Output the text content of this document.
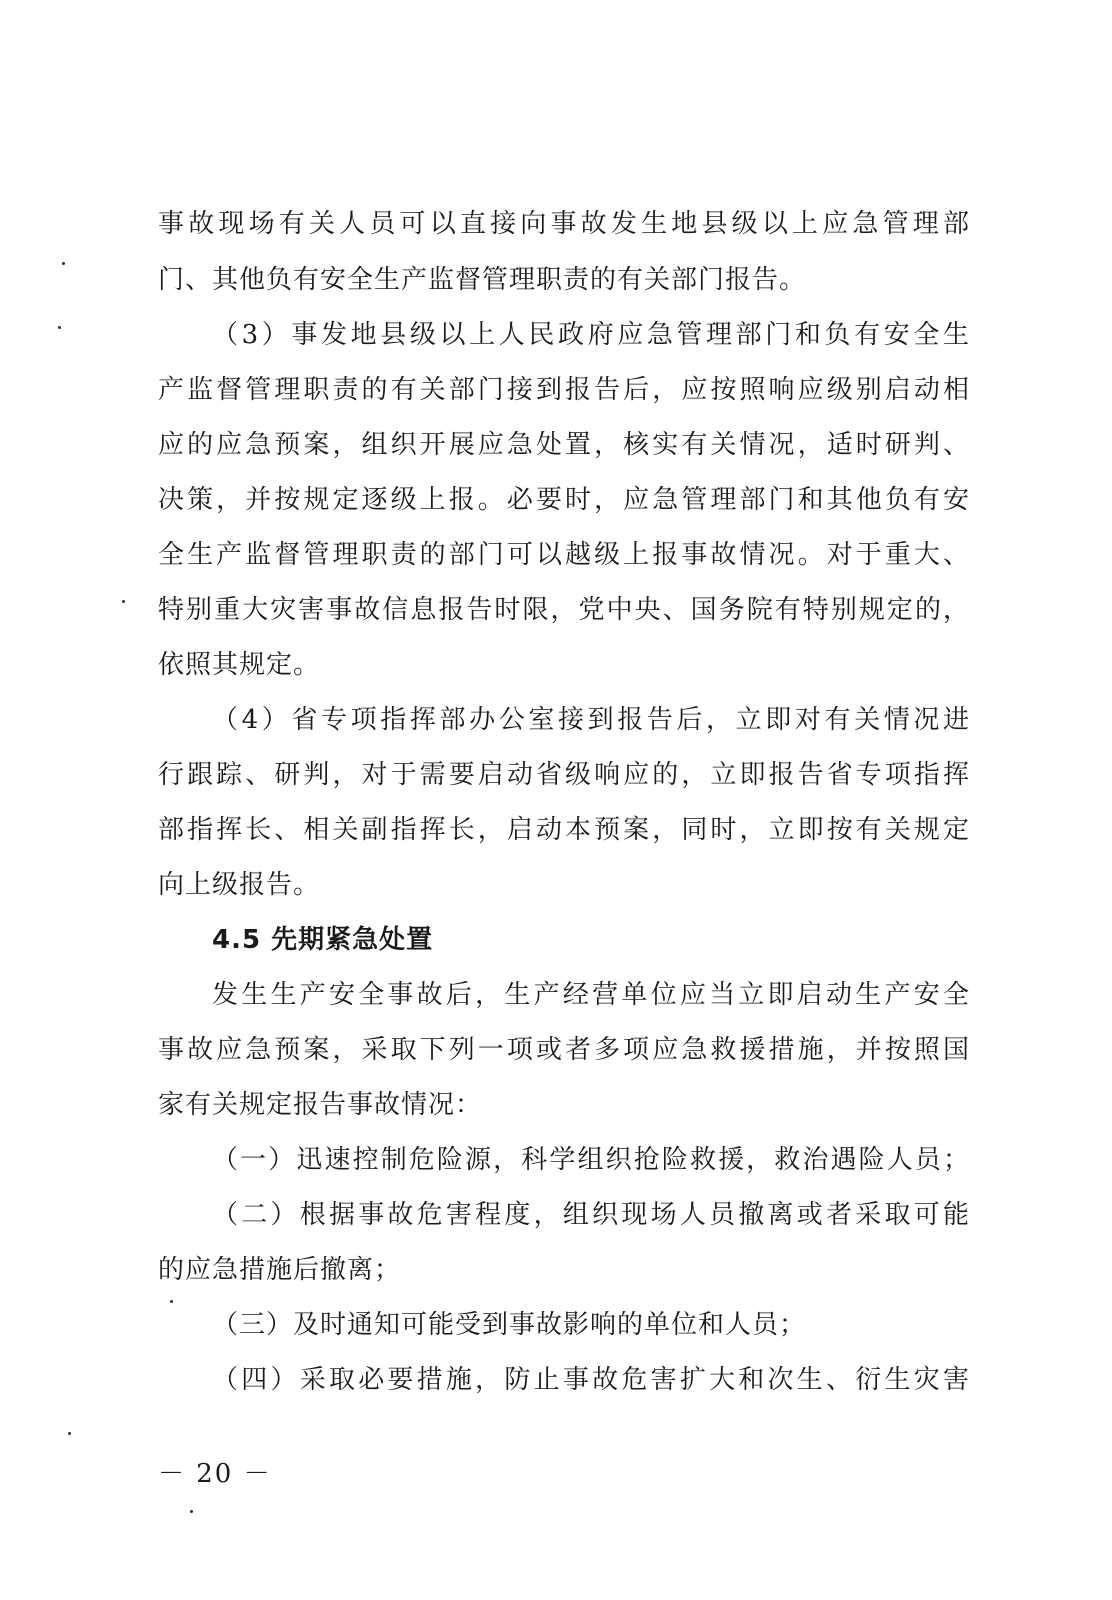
事故现场有关人员可以直接向事故发生地县级以上应急管理部
门、其他负有安全生产监督管理职责的有关部门报告。
（3）事发地县级以上人民政府应急管理部门和负有安全生
产监督管理职责的有关部门接到报告后，应按照响应级别启动相
应的应急预案，组织开展应急处置，核实有关情况，适时研判、
决策，并按规定逐级上报。必要时，应急管理部门和其他负有安
全生产监督管理职责的部门可以越级上报事故情况。对于重大、
特别重大灾害事故信息报告时限，党中央、国务院有特别规定的，
依照其规定。
（4）省专项指挥部办公室接到报告后，立即对有关情况进
行跟踪、研判，对于需要启动省级响应的，立即报告省专项指挥
部指挥长、相关副指挥长，启动本预案，同时，立即按有关规定
向上级报告。
4.5 先期紧急处置
发生生产安全事故后，生产经营单位应当立即启动生产安全
事故应急预案，采取下列一项或者多项应急救援措施，并按照国
家有关规定报告事故情况：
（一）迅速控制危险源，科学组织抢险救援，救治遇险人员；
（二）根据事故危害程度，组织现场人员撤离或者采取可能
的应急措施后撤离；
（三）及时通知可能受到事故影响的单位和人员；
（四）采取必要措施，防止事故危害扩大和次生、衍生灾害
－ 20 －
